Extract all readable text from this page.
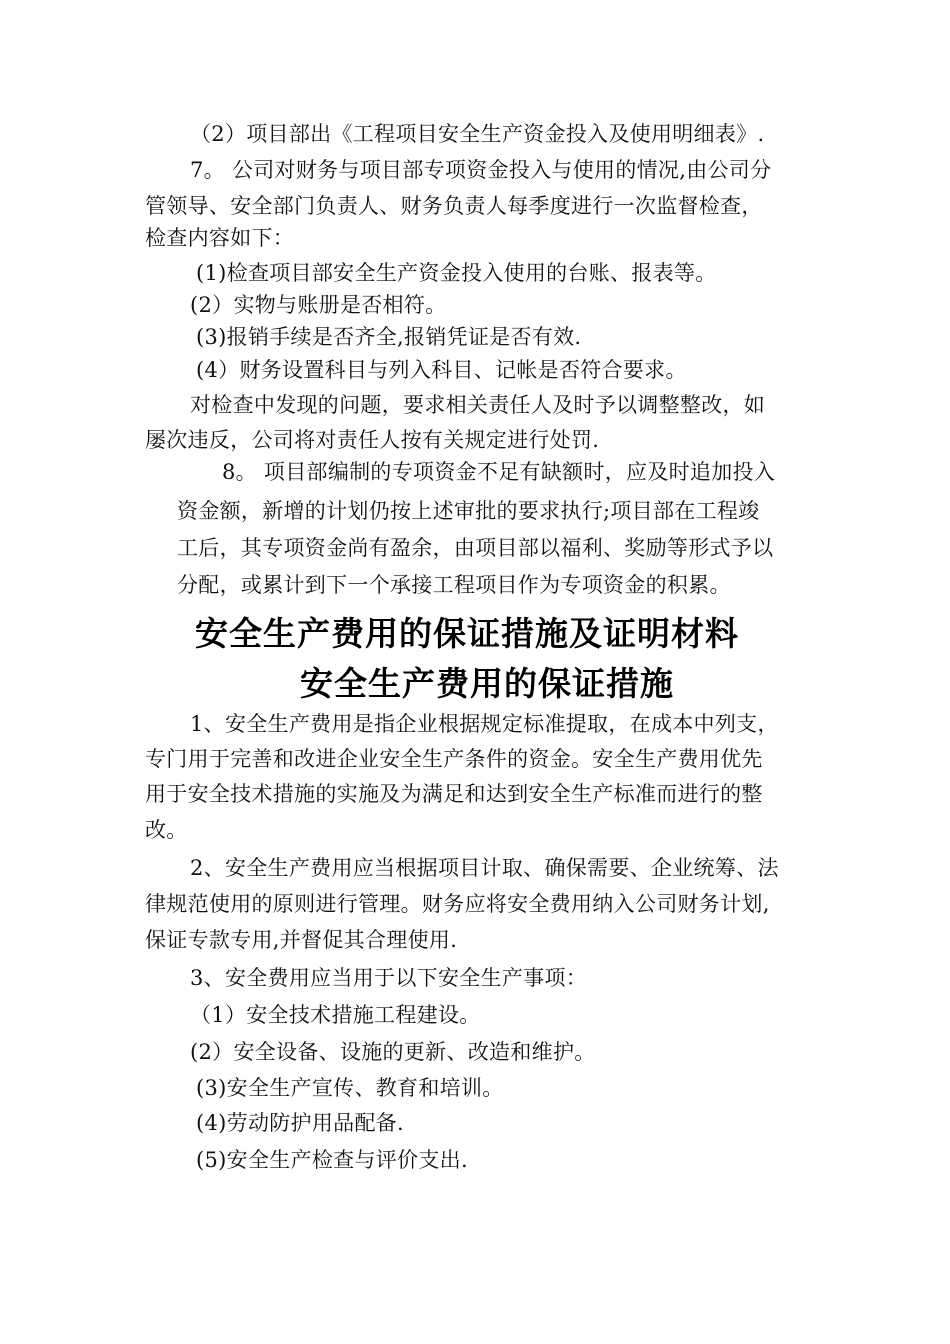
（2）项目部出《工程项目安全生产资金投入及使用明细表》.
7。 公司对财务与项目部专项资金投入与使用的情况,由公司分
管领导、安全部门负责人、财务负责人每季度进行一次监督检查，
检查内容如下：
(1)检查项目部安全生产资金投入使用的台账、报表等。
(2）实物与账册是否相符。
(3)报销手续是否齐全,报销凭证是否有效.
(4）财务设置科目与列入科目、记帐是否符合要求。
对检查中发现的问题，要求相关责任人及时予以调整整改，如
屡次违反，公司将对责任人按有关规定进行处罚.
8。 项目部编制的专项资金不足有缺额时，应及时追加投入
资金额，新增的计划仍按上述审批的要求执行;项目部在工程竣
工后，其专项资金尚有盈余，由项目部以福利、奖励等形式予以
分配，或累计到下一个承接工程项目作为专项资金的积累。
安全生产费用的保证措施及证明材料
安全生产费用的保证措施
1、安全生产费用是指企业根据规定标准提取，在成本中列支，
专门用于完善和改进企业安全生产条件的资金。安全生产费用优先
用于安全技术措施的实施及为满足和达到安全生产标准而进行的整
改。
2、安全生产费用应当根据项目计取、确保需要、企业统筹、法
律规范使用的原则进行管理。财务应将安全费用纳入公司财务计划,
保证专款专用,并督促其合理使用.
3、安全费用应当用于以下安全生产事项：
（1）安全技术措施工程建设。
(2）安全设备、设施的更新、改造和维护。
(3)安全生产宣传、教育和培训。
(4)劳动防护用品配备.
(5)安全生产检查与评价支出.
